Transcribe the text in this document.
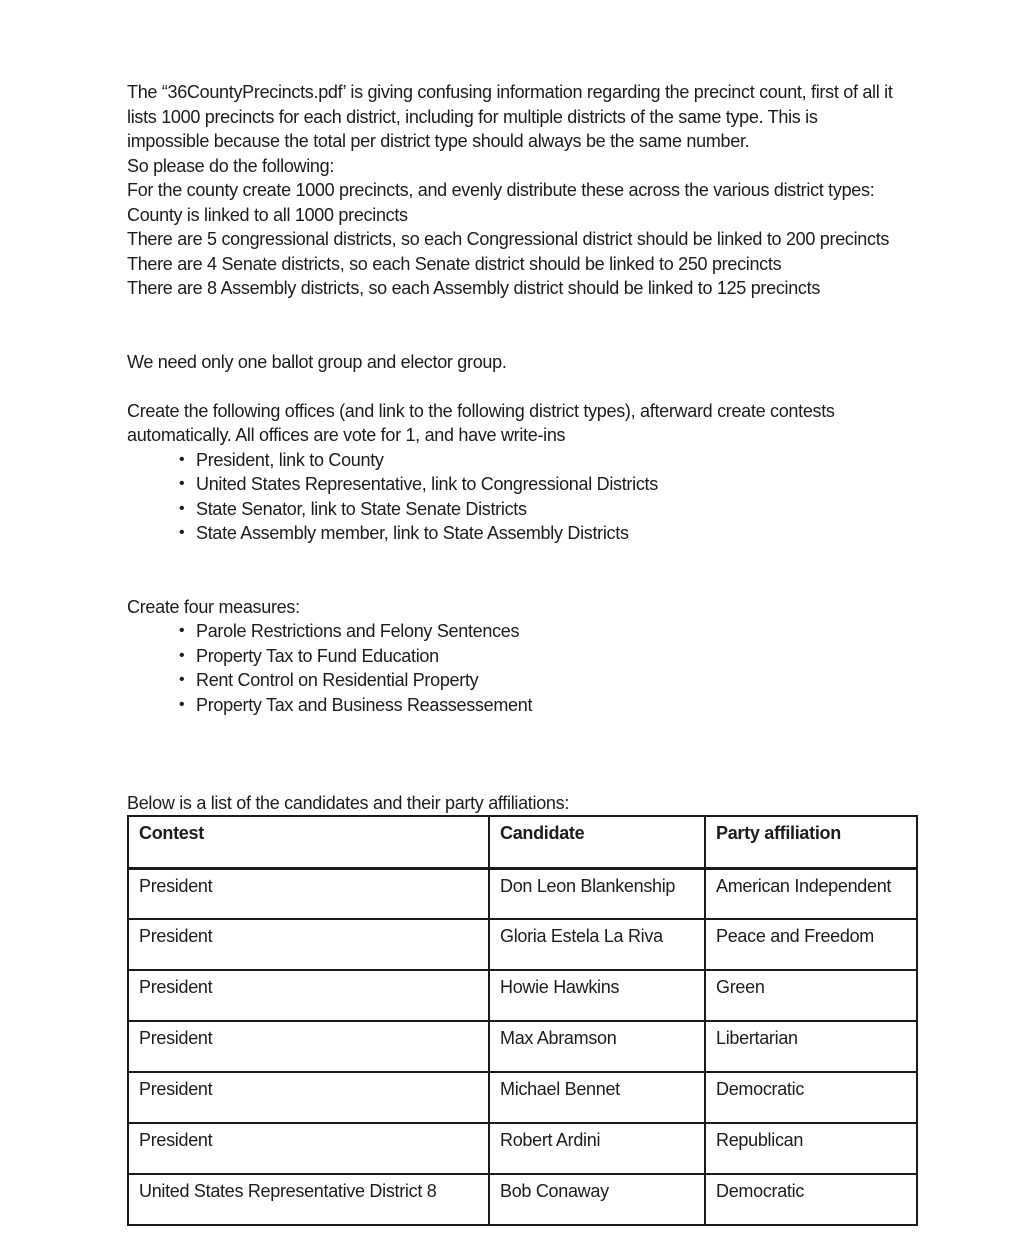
The “36CountyPrecincts.pdf’ is giving confusing information regarding the precinct count, first of all it
lists 1000 precincts for each district, including for multiple districts of the same type. This is
impossible because the total per district type should always be the same number.
So please do the following:
For the county create 1000 precincts, and evenly distribute these across the various district types:
County is linked to all 1000 precincts
There are 5 congressional districts, so each Congressional district should be linked to 200 precincts
There are 4 Senate districts, so each Senate district should be linked to 250 precincts
There are 8 Assembly districts, so each Assembly district should be linked to 125 precincts
We need only one ballot group and elector group.
Create the following offices (and link to the following district types), afterward create contests
automatically. All offices are vote for 1, and have write-ins
• President, link to County
• United States Representative, link to Congressional Districts
• State Senator, link to State Senate Districts
• State Assembly member, link to State Assembly Districts
Create four measures:
• Parole Restrictions and Felony Sentences
• Property Tax to Fund Education
• Rent Control on Residential Property
• Property Tax and Business Reassessement
Below is a list of the candidates and their party affiliations:
Contest	Candidate	Party affiliation
President	Don Leon Blankenship	American Independent
President	Gloria Estela La Riva	Peace and Freedom
President	Howie Hawkins	Green
President	Max Abramson	Libertarian
President	Michael Bennet	Democratic
President	Robert Ardini	Republican
United States Representative District 8	Bob Conaway	Democratic
